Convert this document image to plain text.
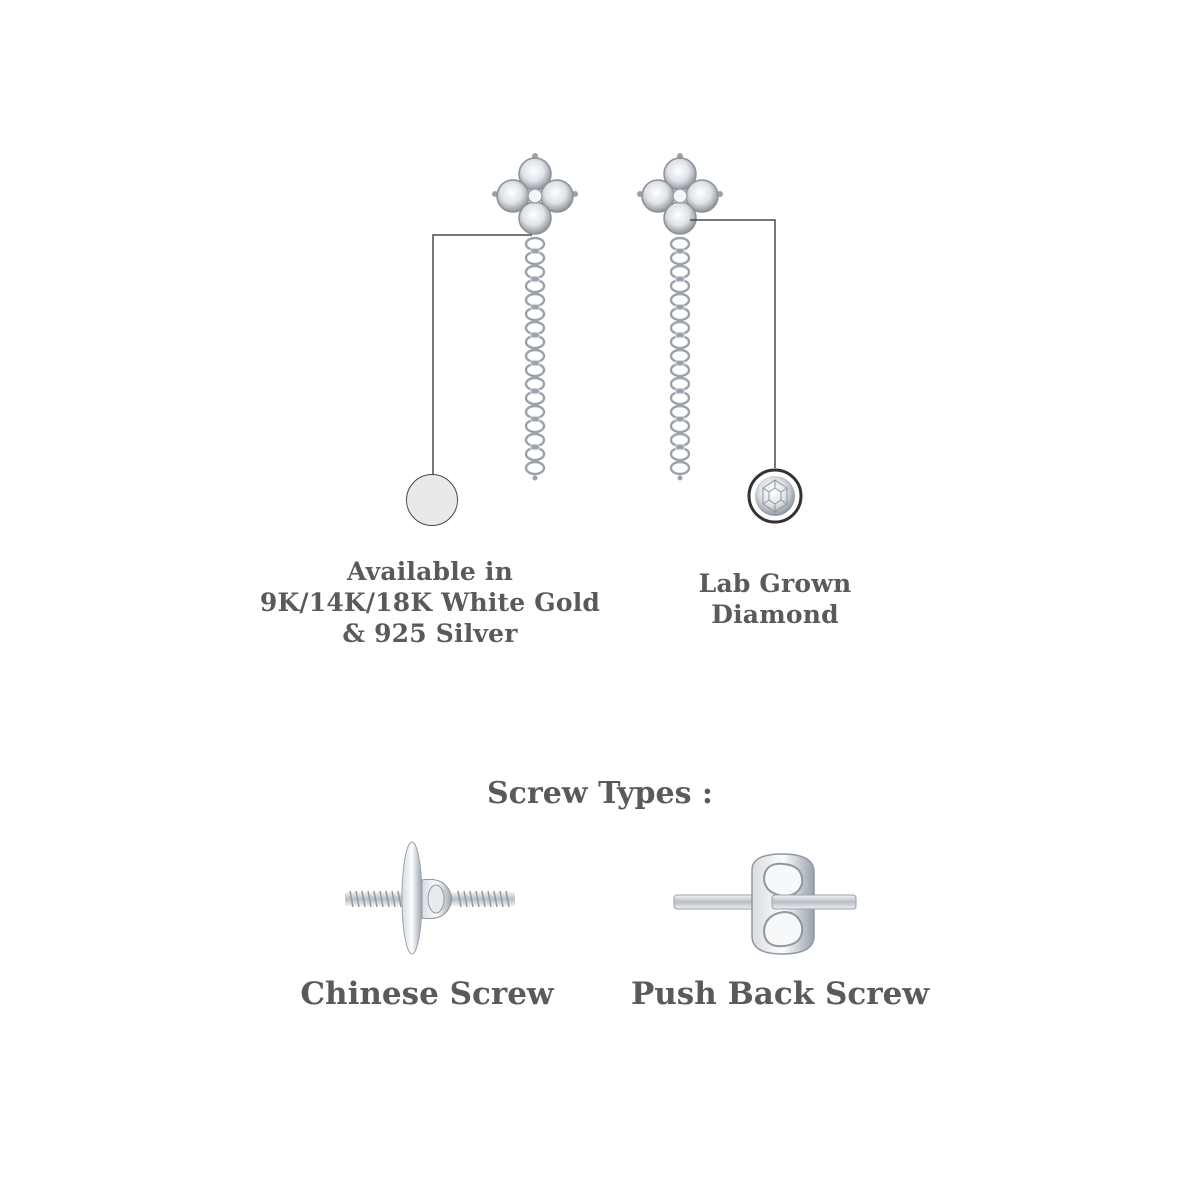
Available in
9K/14K/18K White Gold
& 925 Silver
Lab Grown
Diamond
Screw Types :
Chinese Screw	Push Back Screw
